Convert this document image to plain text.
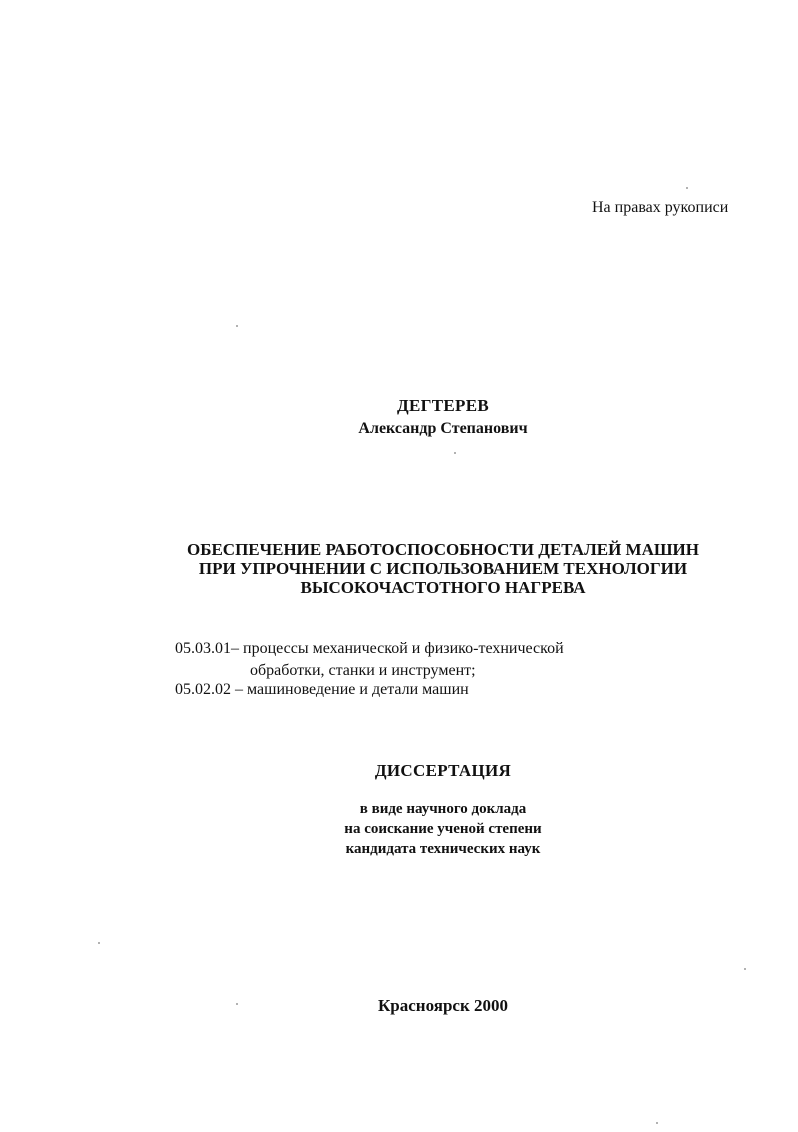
На правах рукописи
ДЕГТЕРЕВ
Александр Степанович
ОБЕСПЕЧЕНИЕ РАБОТОСПОСОБНОСТИ ДЕТАЛЕЙ МАШИН
ПРИ УПРОЧНЕНИИ С ИСПОЛЬЗОВАНИЕМ ТЕХНОЛОГИИ
ВЫСОКОЧАСТОТНОГО НАГРЕВА
05.03.01– процессы механической и физико-технической
обработки, станки и инструмент;
05.02.02 – машиноведение и детали машин
ДИССЕРТАЦИЯ
в виде научного доклада
на соискание ученой степени
кандидата технических наук
Красноярск 2000
